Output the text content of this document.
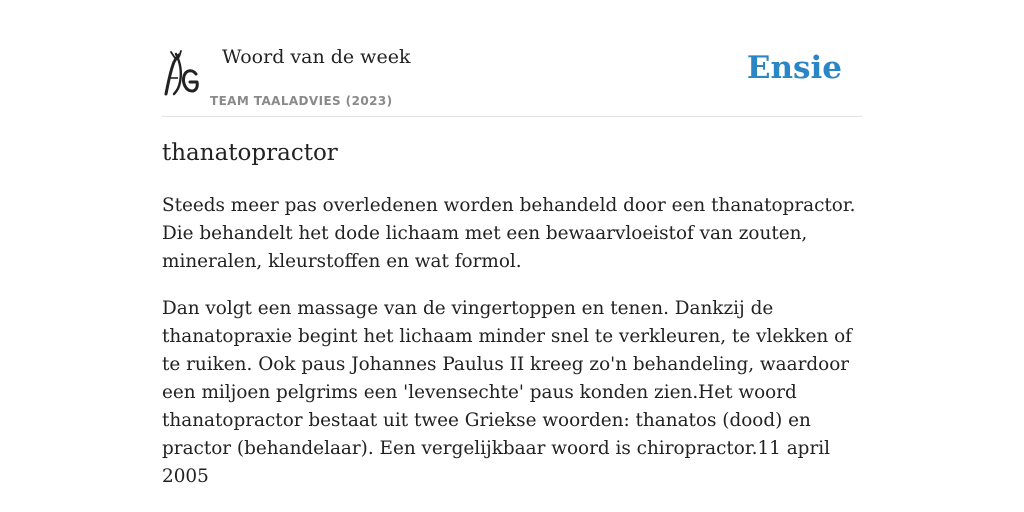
Woord van de week
TEAM TAALADVIES (2023)
Ensie
thanatopractor

Steeds meer pas overledenen worden behandeld door een thanatopractor. Die behandelt het dode lichaam met een bewaarvloeistof van zouten, mineralen, kleurstoffen en wat formol.

Dan volgt een massage van de vingertoppen en tenen. Dankzij de thanatopraxie begint het lichaam minder snel te verkleuren, te vlekken of te ruiken. Ook paus Johannes Paulus II kreeg zo'n behandeling, waardoor een miljoen pelgrims een 'levensechte' paus konden zien.Het woord thanatopractor bestaat uit twee Griekse woorden: thanatos (dood) en practor (behandelaar). Een vergelijkbaar woord is chiropractor.11 april 2005
